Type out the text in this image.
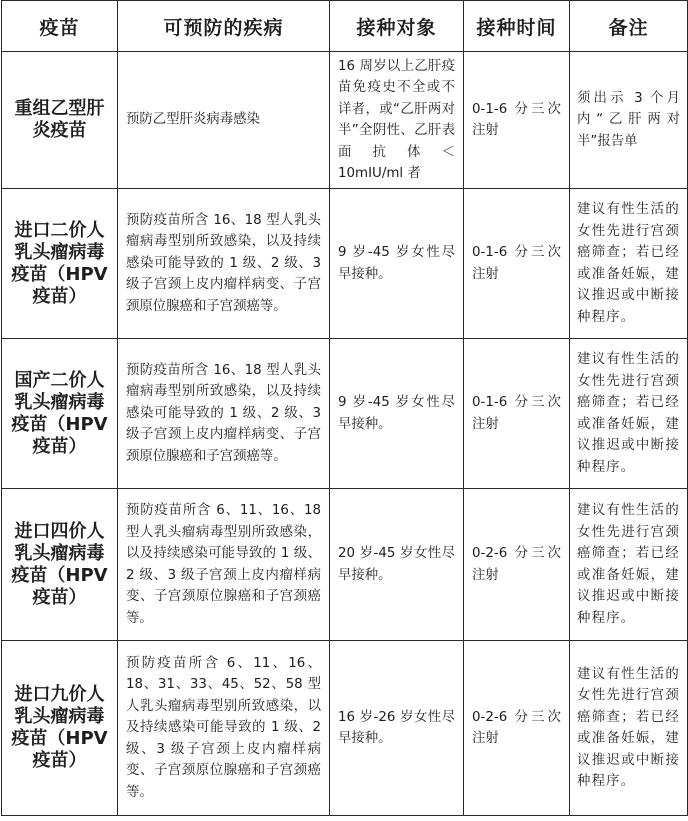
疫苗	可预防的疾病	接种对象	接种时间	备注
重组乙型肝炎疫苗	预防乙型肝炎病毒感染	16 周岁以上乙肝疫苗免疫史不全或不详者，或“乙肝两对半”全阴性、乙肝表面抗体＜10mIU/ml 者	0-1-6 分三次注射	须出示 3 个月内“乙肝两对半”报告单
进口二价人乳头瘤病毒疫苗（HPV 疫苗）	预防疫苗所含 16、18 型人乳头瘤病毒型别所致感染，以及持续感染可能导致的 1 级、2 级、3 级子宫颈上皮内瘤样病变、子宫颈原位腺癌和子宫颈癌等。	9 岁-45 岁女性尽早接种。	0-1-6 分三次注射	建议有性生活的女性先进行宫颈癌筛查；若已经或准备妊娠，建议推迟或中断接种程序。
国产二价人乳头瘤病毒疫苗（HPV 疫苗）	预防疫苗所含 16、18 型人乳头瘤病毒型别所致感染，以及持续感染可能导致的 1 级、2 级、3 级子宫颈上皮内瘤样病变、子宫颈原位腺癌和子宫颈癌等。	9 岁-45 岁女性尽早接种。	0-1-6 分三次注射	建议有性生活的女性先进行宫颈癌筛查；若已经或准备妊娠，建议推迟或中断接种程序。
进口四价人乳头瘤病毒疫苗（HPV 疫苗）	预防疫苗所含 6、11、16、18 型人乳头瘤病毒型别所致感染，以及持续感染可能导致的 1 级、2 级、3 级子宫颈上皮内瘤样病变、子宫颈原位腺癌和子宫颈癌等。	20 岁-45 岁女性尽早接种。	0-2-6 分三次注射	建议有性生活的女性先进行宫颈癌筛查；若已经或准备妊娠，建议推迟或中断接种程序。
进口九价人乳头瘤病毒疫苗（HPV 疫苗）	预防疫苗所含 6、11、16、18、31、33、45、52、58 型人乳头瘤病毒型别所致感染，以及持续感染可能导致的 1 级、2 级、3 级子宫颈上皮内瘤样病变、子宫颈原位腺癌和子宫颈癌等。	16 岁-26 岁女性尽早接种。	0-2-6 分三次注射	建议有性生活的女性先进行宫颈癌筛查；若已经或准备妊娠，建议推迟或中断接种程序。
